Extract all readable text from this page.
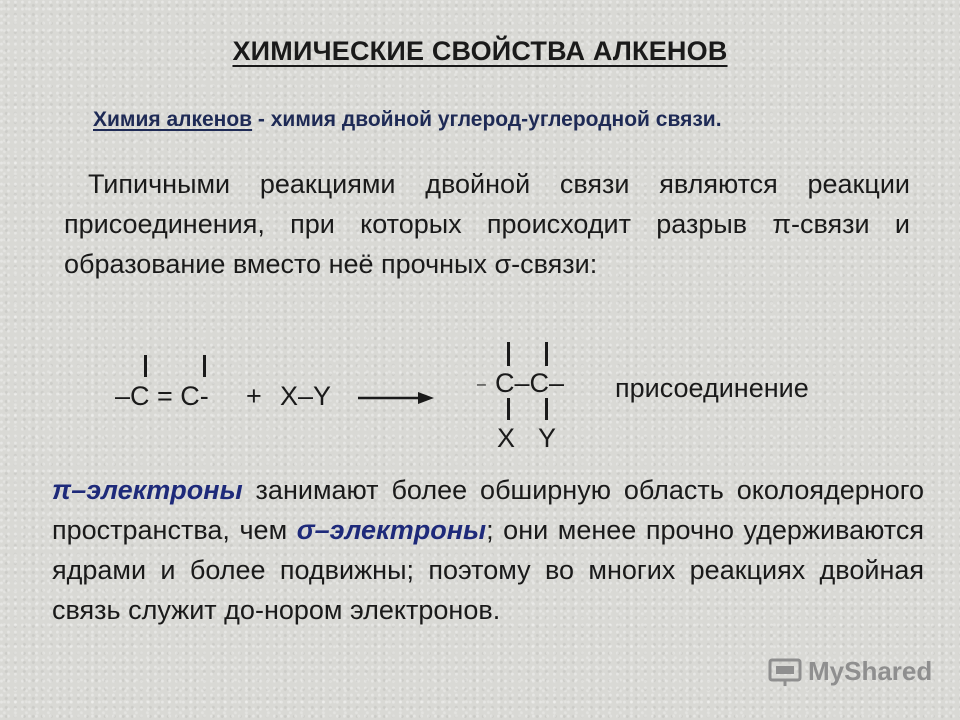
ХИМИЧЕСКИЕ СВОЙСТВА АЛКЕНОВ
Химия алкенов - химия двойной углерод-углеродной связи.
Типичными реакциями двойной связи являются реакции присоединения, при которых происходит разрыв π-связи и образование вместо неё прочных σ-связи:
–C = C- + X–Y	– C–C–
X Y
присоединение
π–электроны занимают более обширную область околоядерного пространства, чем σ–электроны; они менее прочно удерживаются ядрами и более подвижны; поэтому во многих реакциях двойная связь служит до-нором электронов.
MyShared
